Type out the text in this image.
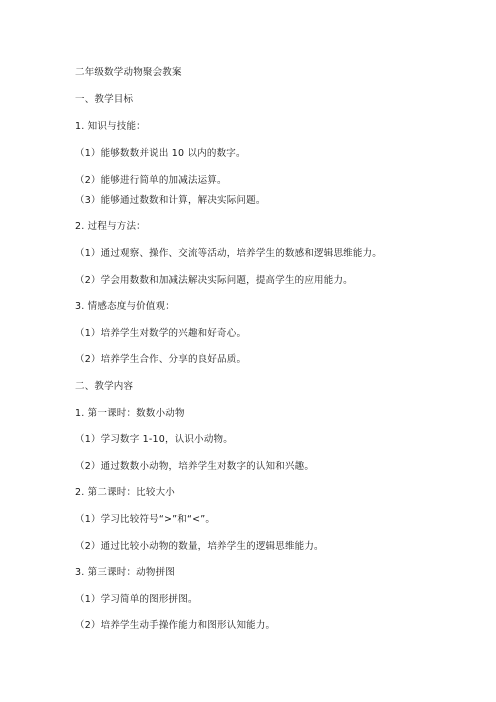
二年级数学动物聚会教案
一、教学目标
1. 知识与技能：
（1）能够数数并说出 10 以内的数字。
（2）能够进行简单的加减法运算。
（3）能够通过数数和计算，解决实际问题。
2. 过程与方法：
（1）通过观察、操作、交流等活动，培养学生的数感和逻辑思维能力。
（2）学会用数数和加减法解决实际问题，提高学生的应用能力。
3. 情感态度与价值观：
（1）培养学生对数学的兴趣和好奇心。
（2）培养学生合作、分享的良好品质。
二、教学内容
1. 第一课时：数数小动物
（1）学习数字 1-10，认识小动物。
（2）通过数数小动物，培养学生对数字的认知和兴趣。
2. 第二课时：比较大小
（1）学习比较符号“>”和“<”。
（2）通过比较小动物的数量，培养学生的逻辑思维能力。
3. 第三课时：动物拼图
（1）学习简单的图形拼图。
（2）培养学生动手操作能力和图形认知能力。
